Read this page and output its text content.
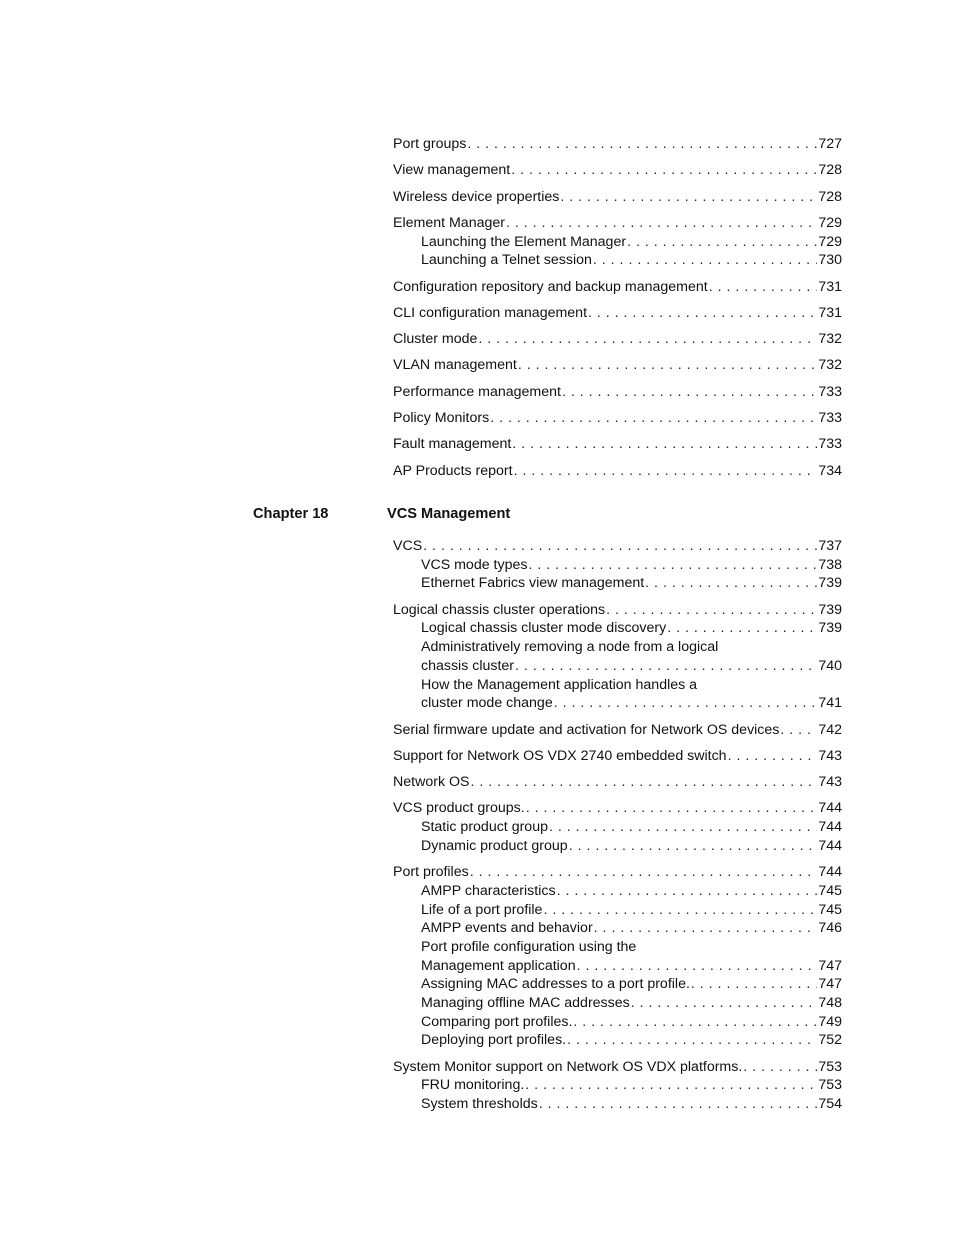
Port groups . . .	727
View management . . .	728
Wireless device properties . . .	728
Element Manager . . .	729
Launching the Element Manager . . .	729
Launching a Telnet session . . .	730
Configuration repository and backup management . . .	731
CLI configuration management . . .	731
Cluster mode . . .	732
VLAN management . . .	732
Performance management . . .	733
Policy Monitors . . .	733
Fault management . . .	733
AP Products report . . .	734
Chapter 18	VCS Management
VCS . . .	737
VCS mode types . . .	738
Ethernet Fabrics view management . . .	739
Logical chassis cluster operations . . .	739
Logical chassis cluster mode discovery . . .	739
Administratively removing a node from a logical
chassis cluster . . .	740
How the Management application handles a
cluster mode change . . .	741
Serial firmware update and activation for Network OS devices . . .	742
Support for Network OS VDX 2740 embedded switch . . .	743
Network OS . . .	743
VCS product groups. . . .	744
Static product group . . .	744
Dynamic product group . . .	744
Port profiles . . .	744
AMPP characteristics . . .	745
Life of a port profile . . .	745
AMPP events and behavior . . .	746
Port profile configuration using the
Management application . . .	747
Assigning MAC addresses to a port profile. . . .	747
Managing offline MAC addresses . . .	748
Comparing port profiles. . . .	749
Deploying port profiles. . . .	752
System Monitor support on Network OS VDX platforms. . . .	753
FRU monitoring. . . .	753
System thresholds . . .	754
